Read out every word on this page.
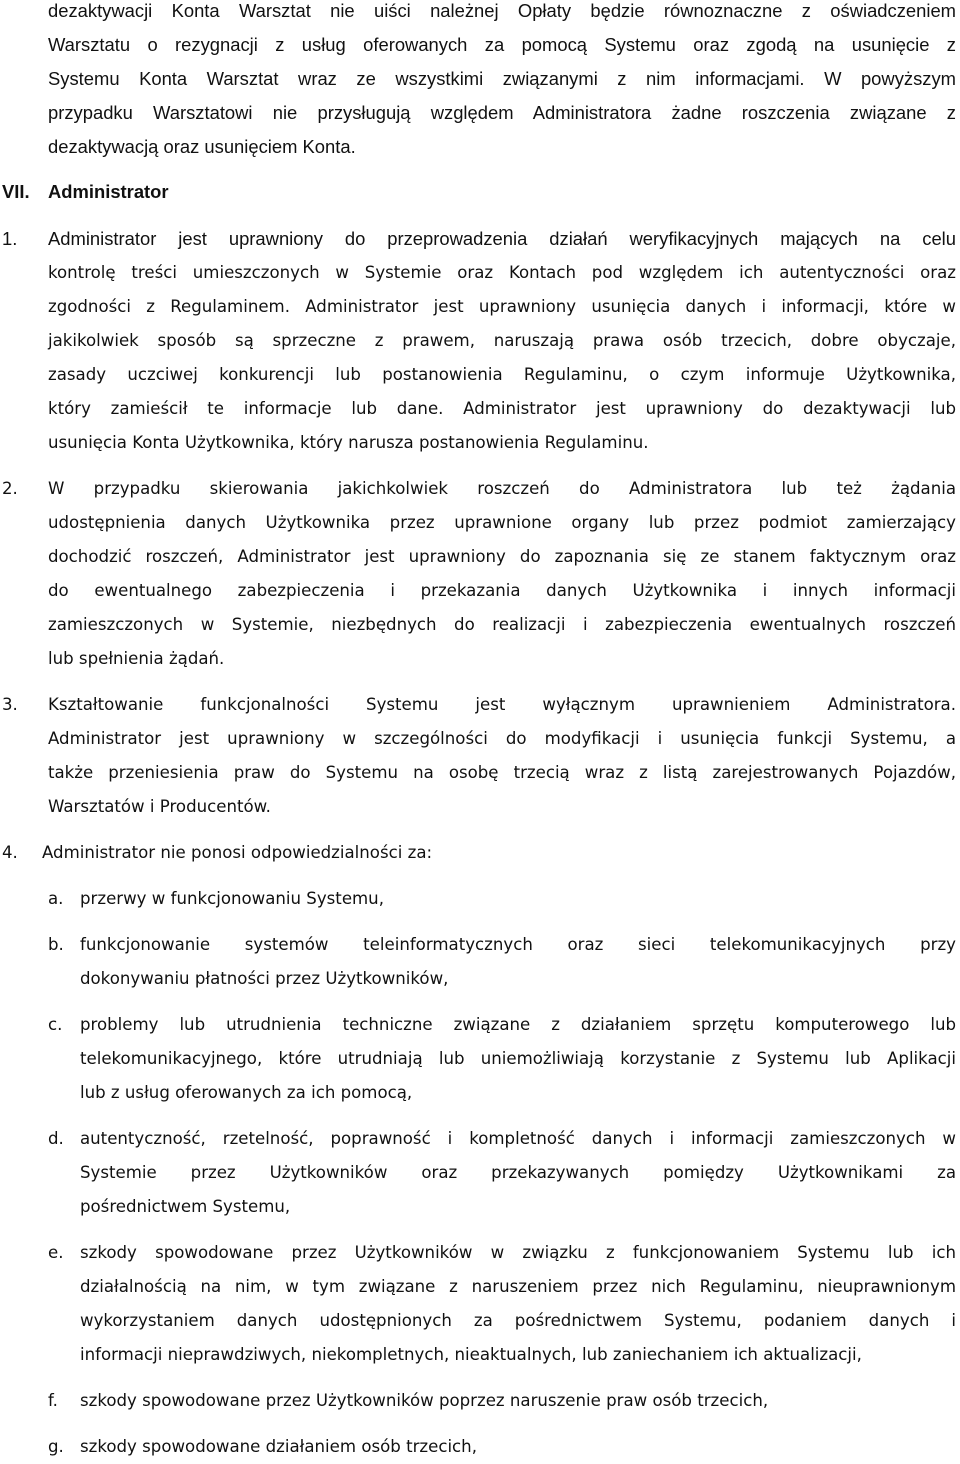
dezaktywacji Konta Warsztat nie uiści należnej Opłaty będzie równoznaczne z oświadczeniem
Warsztatu o rezygnacji z usług oferowanych za pomocą Systemu oraz zgodą na usunięcie z
Systemu Konta Warsztat wraz ze wszystkimi związanymi z nim informacjami. W powyższym
przypadku Warsztatowi nie przysługują względem Administratora żadne roszczenia związane z
dezaktywacją oraz usunięciem Konta.
VII. Administrator
1. Administrator jest uprawniony do przeprowadzenia działań weryfikacyjnych mających na celu
kontrolę treści umieszczonych w Systemie oraz Kontach pod względem ich autentyczności oraz
zgodności z Regulaminem. Administrator jest uprawniony usunięcia danych i informacji, które w
jakikolwiek sposób są sprzeczne z prawem, naruszają prawa osób trzecich, dobre obyczaje,
zasady uczciwej konkurencji lub postanowienia Regulaminu, o czym informuje Użytkownika,
który zamieścił te informacje lub dane. Administrator jest uprawniony do dezaktywacji lub
usunięcia Konta Użytkownika, który narusza postanowienia Regulaminu.
2. W przypadku skierowania jakichkolwiek roszczeń do Administratora lub też żądania
udostępnienia danych Użytkownika przez uprawnione organy lub przez podmiot zamierzający
dochodzić roszczeń, Administrator jest uprawniony do zapoznania się ze stanem faktycznym oraz
do ewentualnego zabezpieczenia i przekazania danych Użytkownika i innych informacji
zamieszczonych w Systemie, niezbędnych do realizacji i zabezpieczenia ewentualnych roszczeń
lub spełnienia żądań.
3. Kształtowanie funkcjonalności Systemu jest wyłącznym uprawnieniem Administratora.
Administrator jest uprawniony w szczególności do modyfikacji i usunięcia funkcji Systemu, a
także przeniesienia praw do Systemu na osobę trzecią wraz z listą zarejestrowanych Pojazdów,
Warsztatów i Producentów.
4. Administrator nie ponosi odpowiedzialności za:
a. przerwy w funkcjonowaniu Systemu,
b. funkcjonowanie systemów teleinformatycznych oraz sieci telekomunikacyjnych przy
dokonywaniu płatności przez Użytkowników,
c. problemy lub utrudnienia techniczne związane z działaniem sprzętu komputerowego lub
telekomunikacyjnego, które utrudniają lub uniemożliwiają korzystanie z Systemu lub Aplikacji
lub z usług oferowanych za ich pomocą,
d. autentyczność, rzetelność, poprawność i kompletność danych i informacji zamieszczonych w
Systemie przez Użytkowników oraz przekazywanych pomiędzy Użytkownikami za
pośrednictwem Systemu,
e. szkody spowodowane przez Użytkowników w związku z funkcjonowaniem Systemu lub ich
działalnością na nim, w tym związane z naruszeniem przez nich Regulaminu, nieuprawnionym
wykorzystaniem danych udostępnionych za pośrednictwem Systemu, podaniem danych i
informacji nieprawdziwych, niekompletnych, nieaktualnych, lub zaniechaniem ich aktualizacji,
f. szkody spowodowane przez Użytkowników poprzez naruszenie praw osób trzecich,
g. szkody spowodowane działaniem osób trzecich,
